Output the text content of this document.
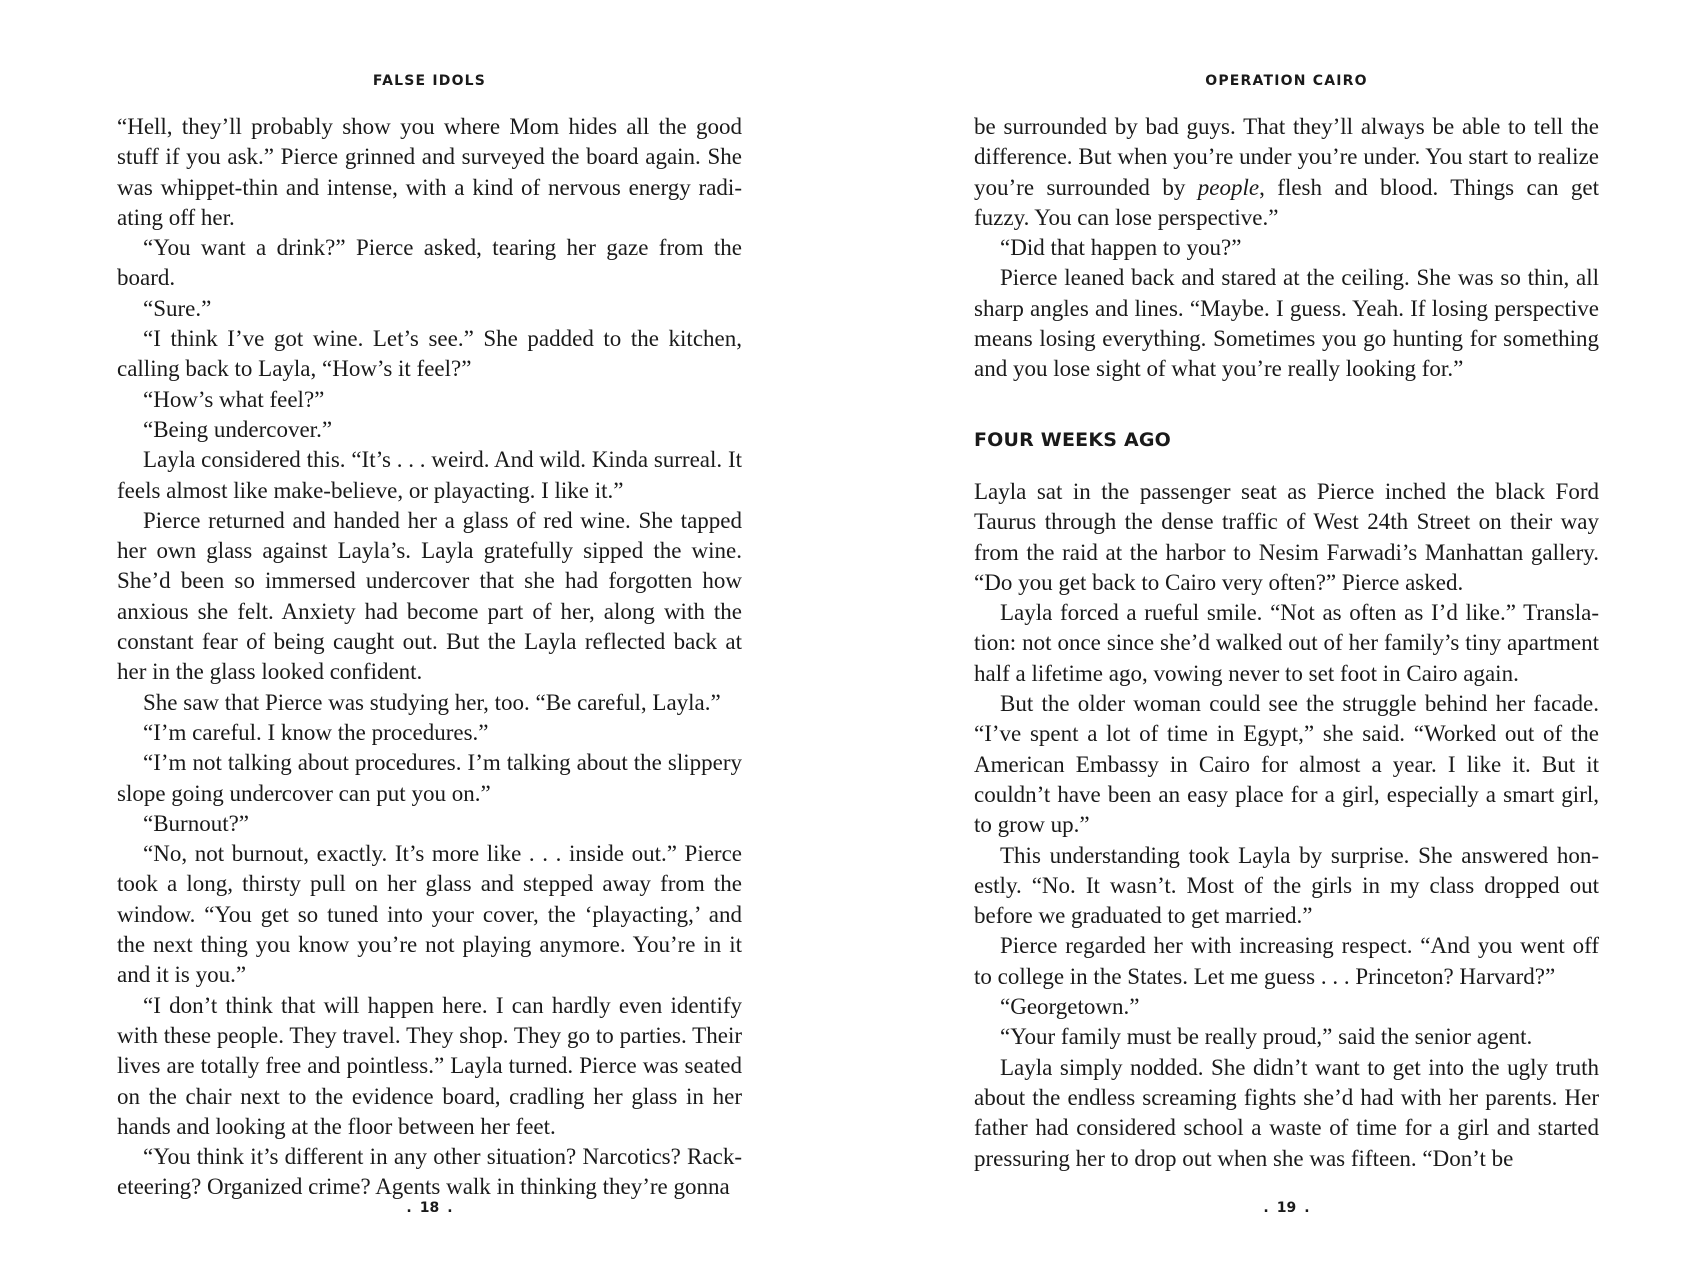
FALSE IDOLS

“Hell, they’ll probably show you where Mom hides all the good stuff if you ask.” Pierce grinned and surveyed the board again. She was whippet-thin and intense, with a kind of nervous energy radiating off her.

“You want a drink?” Pierce asked, tearing her gaze from the board.

“Sure.”

“I think I’ve got wine. Let’s see.” She padded to the kitchen, calling back to Layla, “How’s it feel?”

“How’s what feel?”

“Being undercover.”

Layla considered this. “It’s . . . weird. And wild. Kinda surreal. It feels almost like make-believe, or playacting. I like it.”

Pierce returned and handed her a glass of red wine. She tapped her own glass against Layla’s. Layla gratefully sipped the wine. She’d been so immersed undercover that she had forgotten how anxious she felt. Anxiety had become part of her, along with the constant fear of being caught out. But the Layla reflected back at her in the glass looked confident.

She saw that Pierce was studying her, too. “Be careful, Layla.”

“I’m careful. I know the procedures.”

“I’m not talking about procedures. I’m talking about the slippery slope going undercover can put you on.”

“Burnout?”

“No, not burnout, exactly. It’s more like . . . inside out.” Pierce took a long, thirsty pull on her glass and stepped away from the window. “You get so tuned into your cover, the ‘playacting,’ and the next thing you know you’re not playing anymore. You’re in it and it is you.”

“I don’t think that will happen here. I can hardly even identify with these people. They travel. They shop. They go to parties. Their lives are totally free and pointless.” Layla turned. Pierce was seated on the chair next to the evidence board, cradling her glass in her hands and looking at the floor between her feet.

“You think it’s different in any other situation? Narcotics? Racketeering? Organized crime? Agents walk in thinking they’re gonna

. 18 .
OPERATION CAIRO

be surrounded by bad guys. That they’ll always be able to tell the difference. But when you’re under you’re under. You start to realize you’re surrounded by people, flesh and blood. Things can get fuzzy. You can lose perspective.”

“Did that happen to you?”

Pierce leaned back and stared at the ceiling. She was so thin, all sharp angles and lines. “Maybe. I guess. Yeah. If losing perspective means losing everything. Sometimes you go hunting for something and you lose sight of what you’re really looking for.”

FOUR WEEKS AGO

Layla sat in the passenger seat as Pierce inched the black Ford Taurus through the dense traffic of West 24th Street on their way from the raid at the harbor to Nesim Farwadi’s Manhattan gallery. “Do you get back to Cairo very often?” Pierce asked.

Layla forced a rueful smile. “Not as often as I’d like.” Translation: not once since she’d walked out of her family’s tiny apartment half a lifetime ago, vowing never to set foot in Cairo again.

But the older woman could see the struggle behind her facade. “I’ve spent a lot of time in Egypt,” she said. “Worked out of the American Embassy in Cairo for almost a year. I like it. But it couldn’t have been an easy place for a girl, especially a smart girl, to grow up.”

This understanding took Layla by surprise. She answered honestly. “No. It wasn’t. Most of the girls in my class dropped out before we graduated to get married.”

Pierce regarded her with increasing respect. “And you went off to college in the States. Let me guess . . . Princeton? Harvard?”

“Georgetown.”

“Your family must be really proud,” said the senior agent.

Layla simply nodded. She didn’t want to get into the ugly truth about the endless screaming fights she’d had with her parents. Her father had considered school a waste of time for a girl and started pressuring her to drop out when she was fifteen. “Don’t be

. 19 .
